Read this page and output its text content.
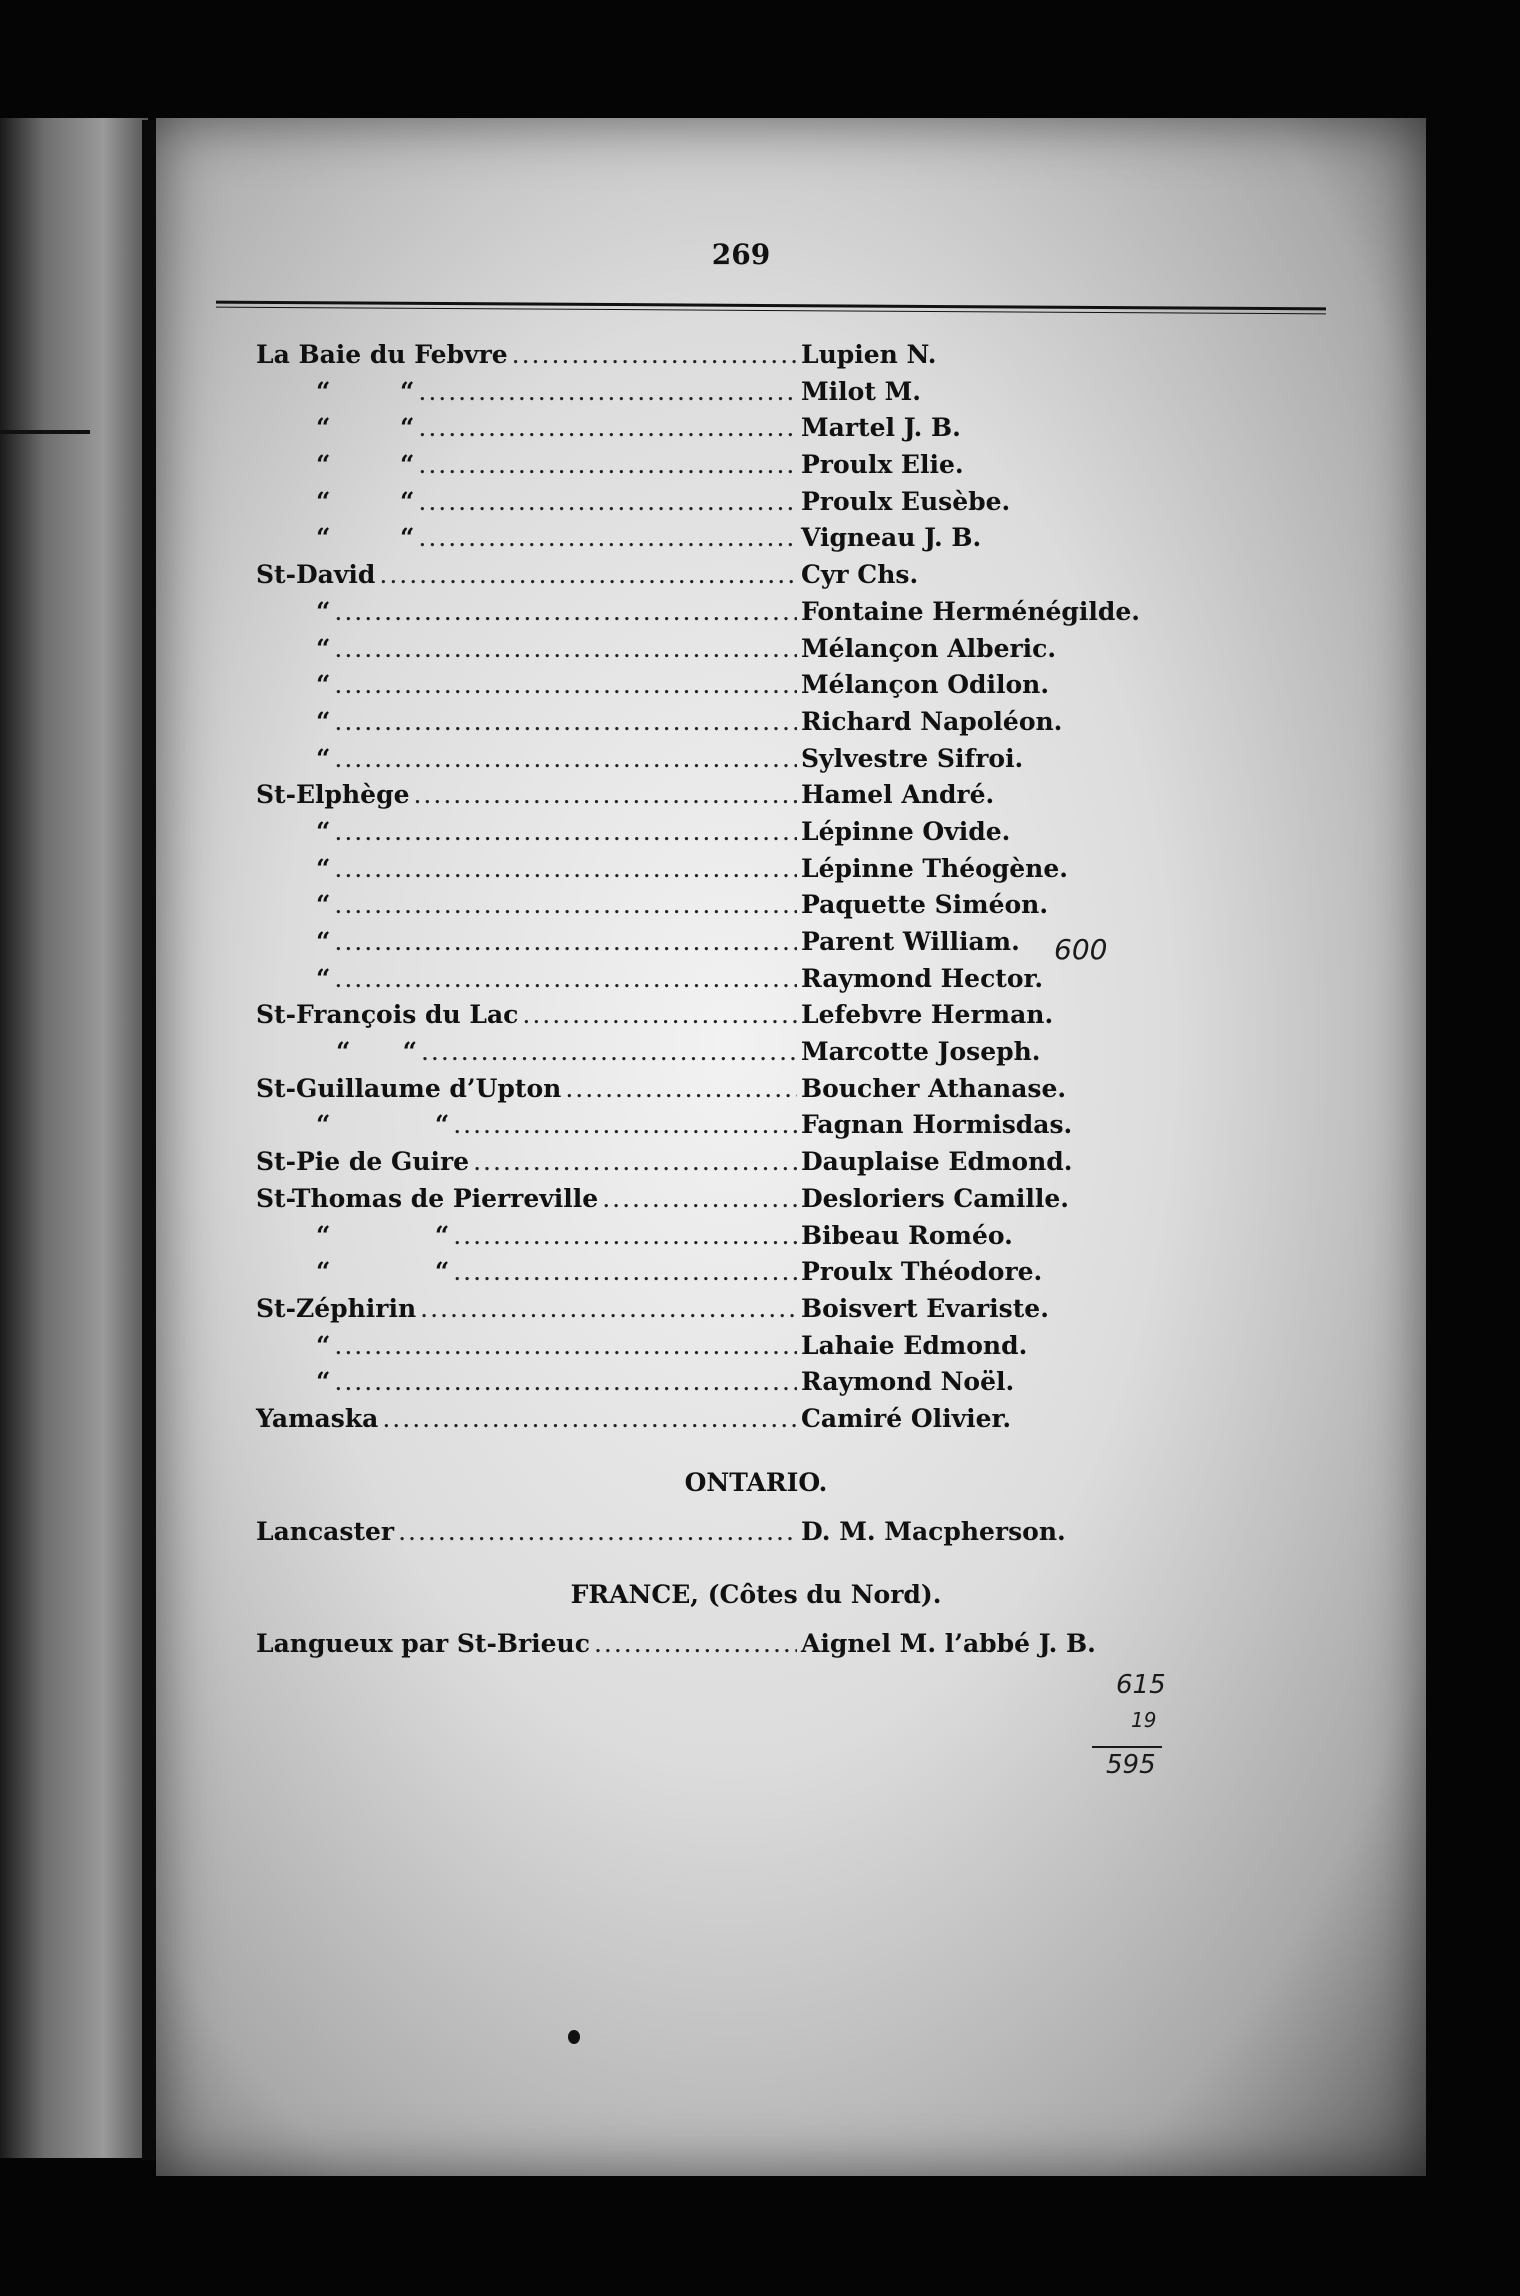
269
La Baie du Febvre .....	Lupien N.
“        “ .....	Milot M.
“        “ .....	Martel J. B.
“        “ .....	Proulx Elie.
“        “ .....	Proulx Eusèbe.
“        “ .....	Vigneau J. B.
St-David .....	Cyr Chs.
“ .....	Fontaine Herménégilde.
“ .....	Mélançon Alberic.
“ .....	Mélançon Odilon.
“ .....	Richard Napoléon.
“ .....	Sylvestre Sifroi.
St-Elphège .....	Hamel André.
“ .....	Lépinne Ovide.
“ .....	Lépinne Théogène.
“ .....	Paquette Siméon.
“ .....	Parent William.
“ .....	Raymond Hector.
St-François du Lac .....	Lefebvre Herman.
“      “ .....	Marcotte Joseph.
St-Guillaume d’Upton .....	Boucher Athanase.
“            “ .....	Fagnan Hormisdas.
St-Pie de Guire .....	Dauplaise Edmond.
St-Thomas de Pierreville .....	Desloriers Camille.
“            “ .....	Bibeau Roméo.
“            “ .....	Proulx Théodore.
St-Zéphirin .....	Boisvert Evariste.
“ .....	Lahaie Edmond.
“ .....	Raymond Noël.
Yamaska .....	Camiré Olivier.
ONTARIO.
Lancaster .....	D. M. Macpherson.
FRANCE, (Côtes du Nord).
Langueux par St-Brieuc .....	Aignel M. l’abbé J. B.
600
615
19
595
